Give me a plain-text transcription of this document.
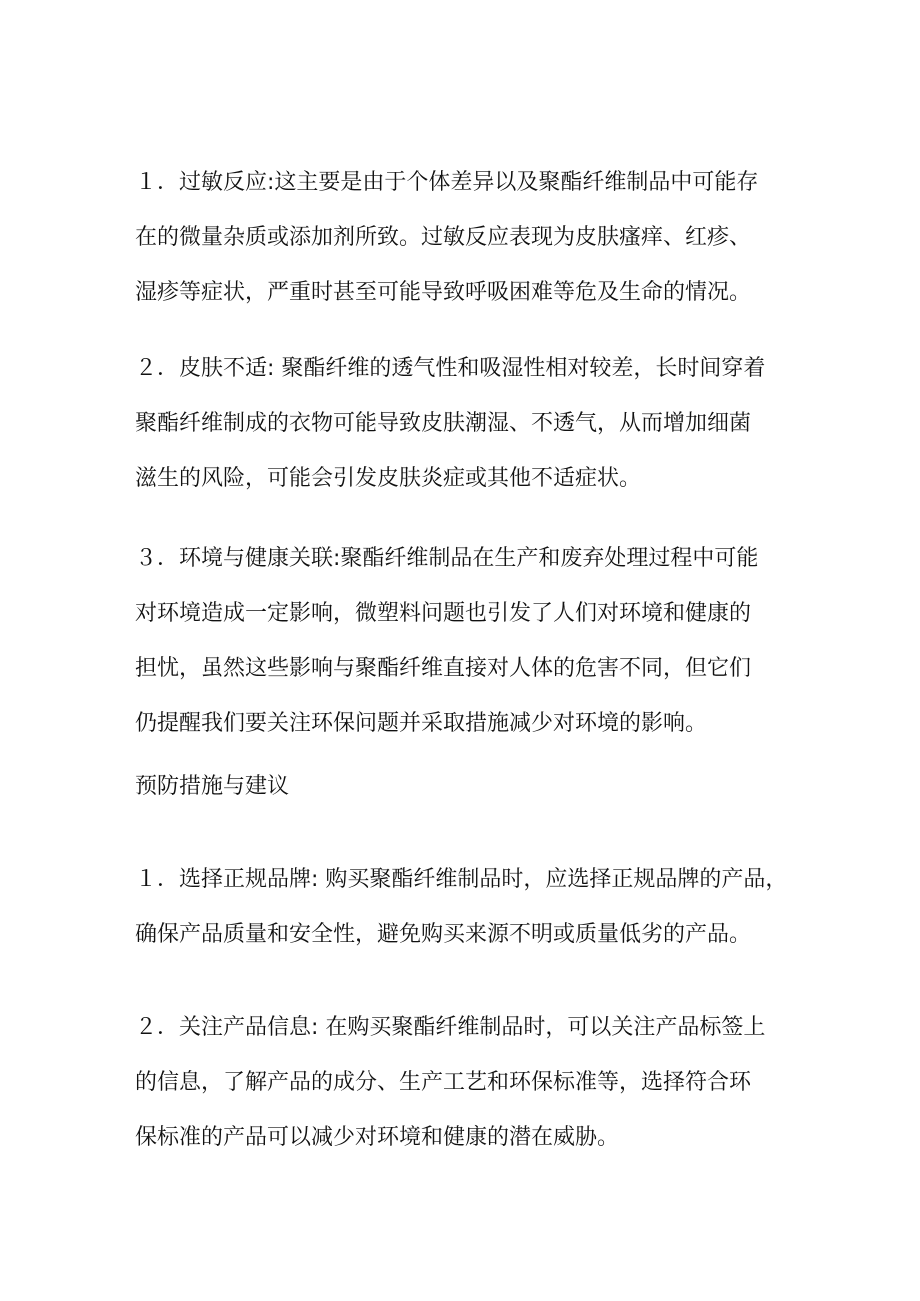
１．过敏反应:这主要是由于个体差异以及聚酯纤维制品中可能存
在的微量杂质或添加剂所致。过敏反应表现为皮肤瘙痒、红疹、
湿疹等症状，严重时甚至可能导致呼吸困难等危及生命的情况。

２．皮肤不适: 聚酯纤维的透气性和吸湿性相对较差，长时间穿着
聚酯纤维制成的衣物可能导致皮肤潮湿、不透气，从而增加细菌
滋生的风险，可能会引发皮肤炎症或其他不适症状。

３．环境与健康关联:聚酯纤维制品在生产和废弃处理过程中可能
对环境造成一定影响，微塑料问题也引发了人们对环境和健康的
担忧，虽然这些影响与聚酯纤维直接对人体的危害不同，但它们
仍提醒我们要关注环保问题并采取措施减少对环境的影响。

预防措施与建议

１．选择正规品牌: 购买聚酯纤维制品时，应选择正规品牌的产品，
确保产品质量和安全性，避免购买来源不明或质量低劣的产品。

２．关注产品信息: 在购买聚酯纤维制品时，可以关注产品标签上
的信息，了解产品的成分、生产工艺和环保标准等，选择符合环
保标准的产品可以减少对环境和健康的潜在威胁。
